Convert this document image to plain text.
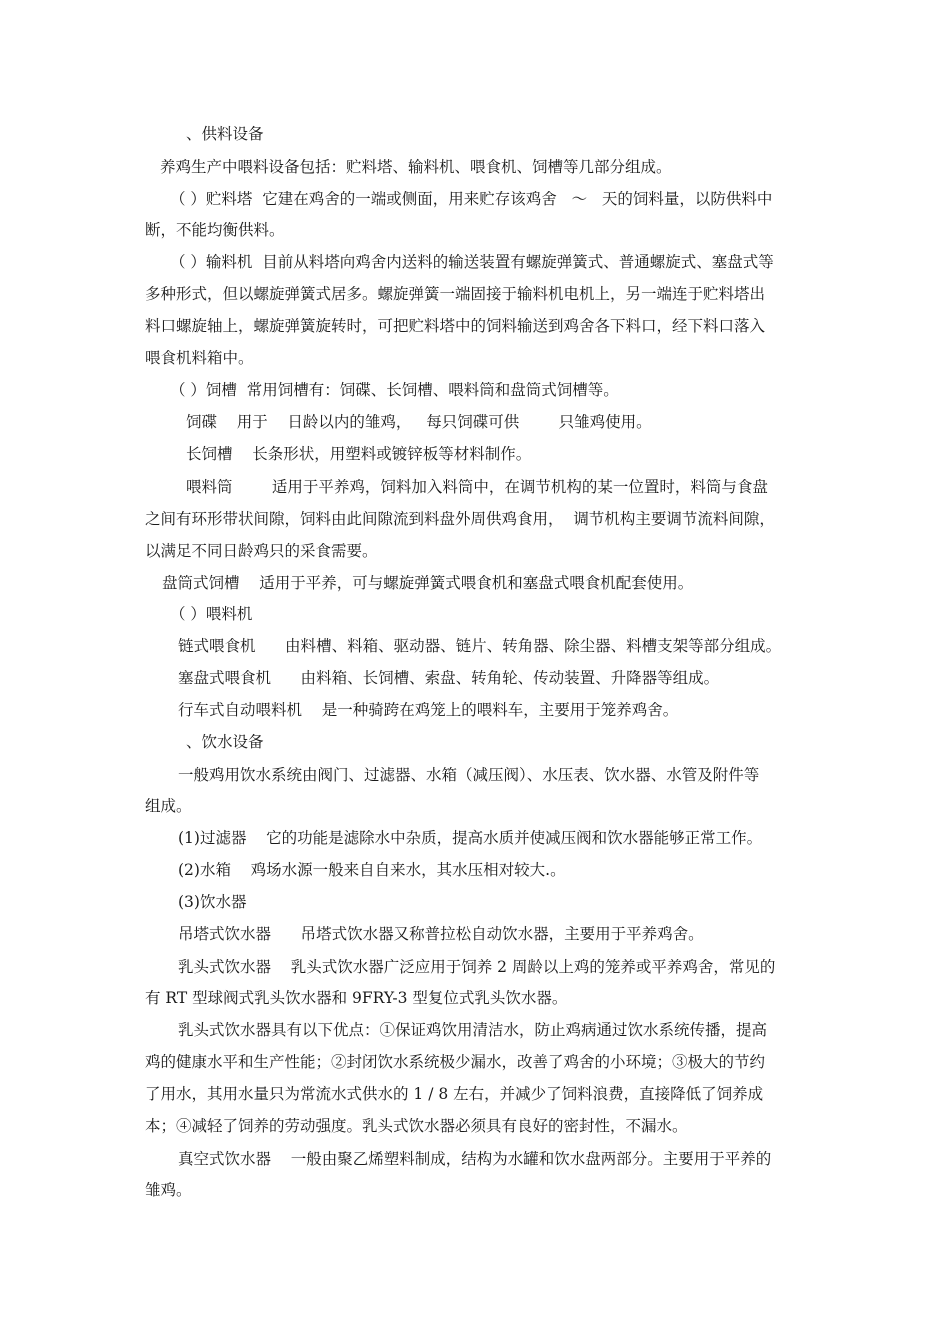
、供料设备
养鸡生产中喂料设备包括：贮料塔、输料机、喂食机、饲槽等几部分组成。
（ ）贮料塔  它建在鸡舍的一端或侧面，用来贮存该鸡舍   ～   天的饲料量，以防供料中
断，不能均衡供料。
（ ）输料机  目前从料塔向鸡舍内送料的输送装置有螺旋弹簧式、普通螺旋式、塞盘式等
多种形式，但以螺旋弹簧式居多。螺旋弹簧一端固接于输料机电机上，另一端连于贮料塔出
料口螺旋轴上，螺旋弹簧旋转时，可把贮料塔中的饲料输送到鸡舍各下料口，经下料口落入
喂食机料箱中。
（ ）饲槽  常用饲槽有：饲碟、长饲槽、喂料筒和盘筒式饲槽等。
饲碟    用于    日龄以内的雏鸡，   每只饲碟可供        只雏鸡使用。
长饲槽    长条形状，用塑料或镀锌板等材料制作。
喂料筒        适用于平养鸡，饲料加入料筒中，在调节机构的某一位置时，料筒与食盘
之间有环形带状间隙，饲料由此间隙流到料盘外周供鸡食用，  调节机构主要调节流料间隙，
以满足不同日龄鸡只的采食需要。
盘筒式饲槽    适用于平养，可与螺旋弹簧式喂食机和塞盘式喂食机配套使用。
（ ）喂料机
链式喂食机      由料槽、料箱、驱动器、链片、转角器、除尘器、料槽支架等部分组成。
塞盘式喂食机      由料箱、长饲槽、索盘、转角轮、传动装置、升降器等组成。
行车式自动喂料机    是一种骑跨在鸡笼上的喂料车，主要用于笼养鸡舍。
、饮水设备
一般鸡用饮水系统由阀门、过滤器、水箱（减压阀）、水压表、饮水器、水管及附件等
组成。
(1)过滤器    它的功能是滤除水中杂质，提高水质并使减压阀和饮水器能够正常工作。
(2)水箱    鸡场水源一般来自自来水，其水压相对较大.。
(3)饮水器
吊塔式饮水器      吊塔式饮水器又称普拉松自动饮水器，主要用于平养鸡舍。
乳头式饮水器    乳头式饮水器广泛应用于饲养 2 周龄以上鸡的笼养或平养鸡舍，常见的
有 RT 型球阀式乳头饮水器和 9FRY-3 型复位式乳头饮水器。
乳头式饮水器具有以下优点：①保证鸡饮用清洁水，防止鸡病通过饮水系统传播，提高
鸡的健康水平和生产性能；②封闭饮水系统极少漏水，改善了鸡舍的小环境；③极大的节约
了用水，其用水量只为常流水式供水的 1 / 8 左右，并减少了饲料浪费，直接降低了饲养成
本；④减轻了饲养的劳动强度。乳头式饮水器必须具有良好的密封性，不漏水。
真空式饮水器    一般由聚乙烯塑料制成，结构为水罐和饮水盘两部分。主要用于平养的
雏鸡。
